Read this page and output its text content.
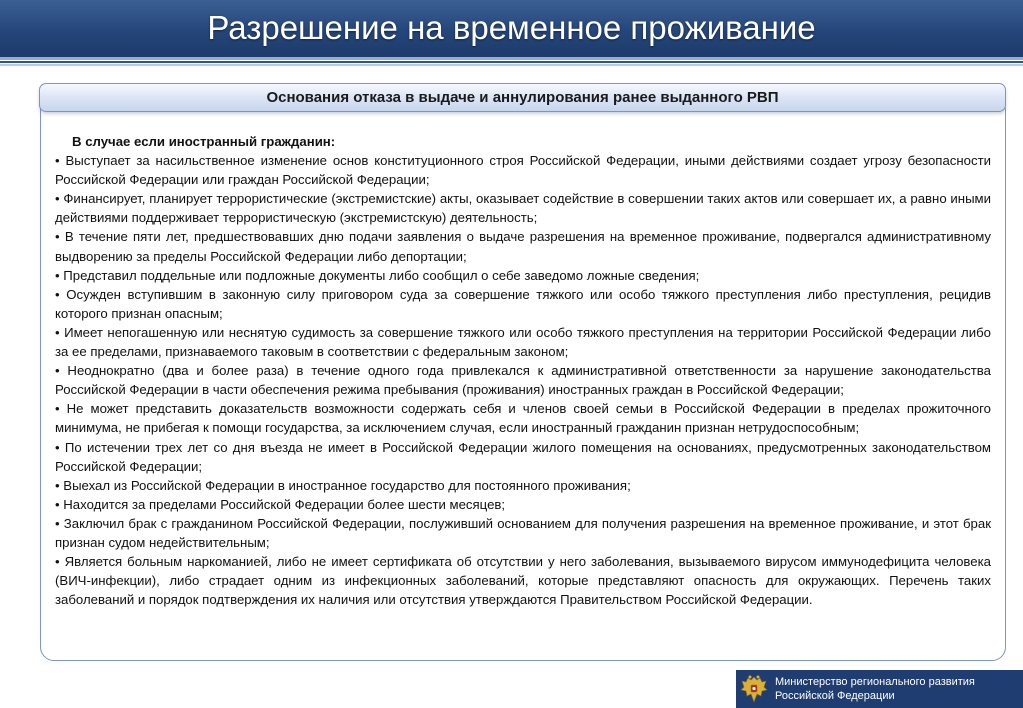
Разрешение на временное проживание
Основания отказа в выдаче и аннулирования ранее выданного РВП
В случае если иностранный гражданин:

• Выступает за насильственное изменение основ конституционного строя Российской Федерации, иными действиями создает угрозу безопасности Российской Федерации или граждан Российской Федерации;

• Финансирует, планирует террористические (экстремистские) акты, оказывает содействие в совершении таких актов или совершает их, а равно иными действиями поддерживает террористическую (экстремистскую) деятельность;

• В течение пяти лет, предшествовавших дню подачи заявления о выдаче разрешения на временное проживание, подвергался административному выдворению за пределы Российской Федерации либо депортации;

• Представил поддельные или подложные документы либо сообщил о себе заведомо ложные сведения;

• Осужден вступившим в законную силу приговором суда за совершение тяжкого или особо тяжкого преступления либо преступления, рецидив которого признан опасным;

• Имеет непогашенную или неснятую судимость за совершение тяжкого или особо тяжкого преступления на территории Российской Федерации либо за ее пределами, признаваемого таковым в соответствии с федеральным законом;

• Неоднократно (два и более раза) в течение одного года привлекался к административной ответственности за нарушение законодательства Российской Федерации в части обеспечения режима пребывания (проживания) иностранных граждан в Российской Федерации;

• Не может представить доказательств возможности содержать себя и членов своей семьи в Российской Федерации в пределах прожиточного минимума, не прибегая к помощи государства, за исключением случая, если иностранный гражданин признан нетрудоспособным;

• По истечении трех лет со дня въезда не имеет в Российской Федерации жилого помещения на основаниях, предусмотренных законодательством Российской Федерации;

• Выехал из Российской Федерации в иностранное государство для постоянного проживания;

• Находится за пределами Российской Федерации более шести месяцев;

• Заключил брак с гражданином Российской Федерации, послуживший основанием для получения разрешения на временное проживание, и этот брак признан судом недействительным;

• Является больным наркоманией, либо не имеет сертификата об отсутствии у него заболевания, вызываемого вирусом иммунодефицита человека (ВИЧ-инфекции), либо страдает одним из инфекционных заболеваний, которые представляют опасность для окружающих. Перечень таких заболеваний и порядок подтверждения их наличия или отсутствия утверждаются Правительством Российской Федерации.

Министерство регионального развития
Российской Федерации
